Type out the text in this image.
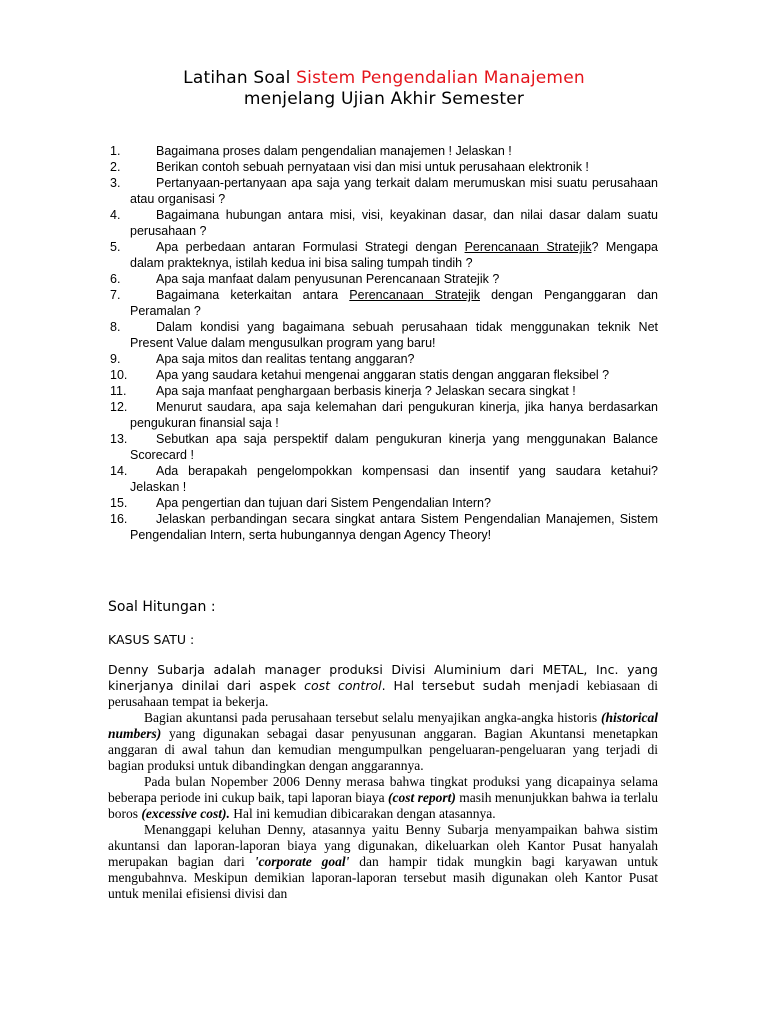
Latihan Soal Sistem Pengendalian Manajemen
menjelang Ujian Akhir Semester
1.	Bagaimana proses dalam pengendalian manajemen ! Jelaskan !
2.	Berikan contoh sebuah pernyataan visi dan misi untuk perusahaan elektronik !
3.	Pertanyaan-pertanyaan apa saja yang terkait dalam merumuskan misi suatu perusahaan atau organisasi ?
4.	Bagaimana hubungan antara misi, visi, keyakinan dasar, dan nilai dasar dalam suatu perusahaan ?
5.	Apa perbedaan antaran Formulasi Strategi dengan Perencanaan Stratejik? Mengapa dalam prakteknya, istilah kedua ini bisa saling tumpah tindih ?
6.	Apa saja manfaat dalam penyusunan Perencanaan Stratejik ?
7.	Bagaimana keterkaitan antara Perencanaan Stratejik dengan Penganggaran dan Peramalan ?
8.	Dalam kondisi yang bagaimana sebuah perusahaan tidak menggunakan teknik Net Present Value dalam mengusulkan program yang baru!
9.	Apa saja mitos dan realitas tentang anggaran?
10.	Apa yang saudara ketahui mengenai anggaran statis dengan anggaran fleksibel ?
11.	Apa saja manfaat penghargaan berbasis kinerja ? Jelaskan secara singkat !
12.	Menurut saudara, apa saja kelemahan dari pengukuran kinerja, jika hanya berdasarkan pengukuran finansial saja !
13.	Sebutkan apa saja perspektif dalam pengukuran kinerja yang menggunakan Balance Scorecard !
14.	Ada berapakah pengelompokkan kompensasi dan insentif yang saudara ketahui? Jelaskan !
15.	Apa pengertian dan tujuan dari Sistem Pengendalian Intern?
16.	Jelaskan perbandingan secara singkat antara Sistem Pengendalian Manajemen, Sistem Pengendalian Intern, serta hubungannya dengan Agency Theory!
Soal Hitungan :
KASUS SATU :

Denny Subarja adalah manager produksi Divisi Aluminium dari METAL, Inc. yang kinerjanya dinilai dari aspek cost control. Hal tersebut sudah menjadi kebiasaan di perusahaan tempat ia bekerja.

Bagian akuntansi pada perusahaan tersebut selalu menyajikan angka-angka historis (historical numbers) yang digunakan sebagai dasar penyusunan anggaran. Bagian Akuntansi menetapkan anggaran di awal tahun dan kemudian mengumpulkan pengeluaran-pengeluaran yang terjadi di bagian produksi untuk dibandingkan dengan anggarannya.

Pada bulan Nopember 2006 Denny merasa bahwa tingkat produksi yang dicapainya selama beberapa periode ini cukup baik, tapi laporan biaya (cost report) masih menunjukkan bahwa ia terlalu boros (excessive cost). Hal ini kemudian dibicarakan dengan atasannya.

Menanggapi keluhan Denny, atasannya yaitu Benny Subarja menyampaikan bahwa sistim akuntansi dan laporan-laporan biaya yang digunakan, dikeluarkan oleh Kantor Pusat hanyalah merupakan bagian dari 'corporate goal' dan hampir tidak mungkin bagi karyawan untuk mengubahnva. Meskipun demikian laporan-laporan tersebut masih digunakan oleh Kantor Pusat untuk menilai efisiensi divisi dan
